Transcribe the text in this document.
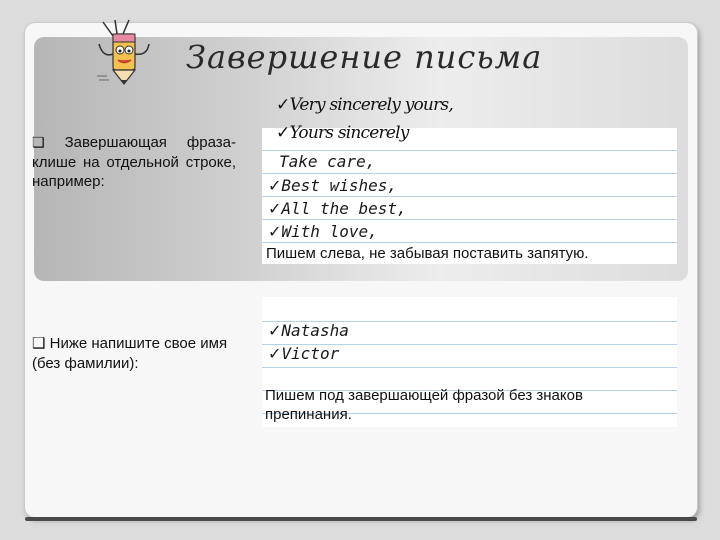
Завершение письма
❑ Завершающая фраза-клише на отдельной строке, например:
✓Very sincerely yours,
✓Yours sincerely
Take care,
✓Best wishes,
✓All the best,
✓With love,
Пишем слева, не забывая поставить запятую.
❑ Ниже напишите свое имя (без фамилии):
✓Natasha
✓Victor
Пишем под завершающей фразой без знаков препинания.
